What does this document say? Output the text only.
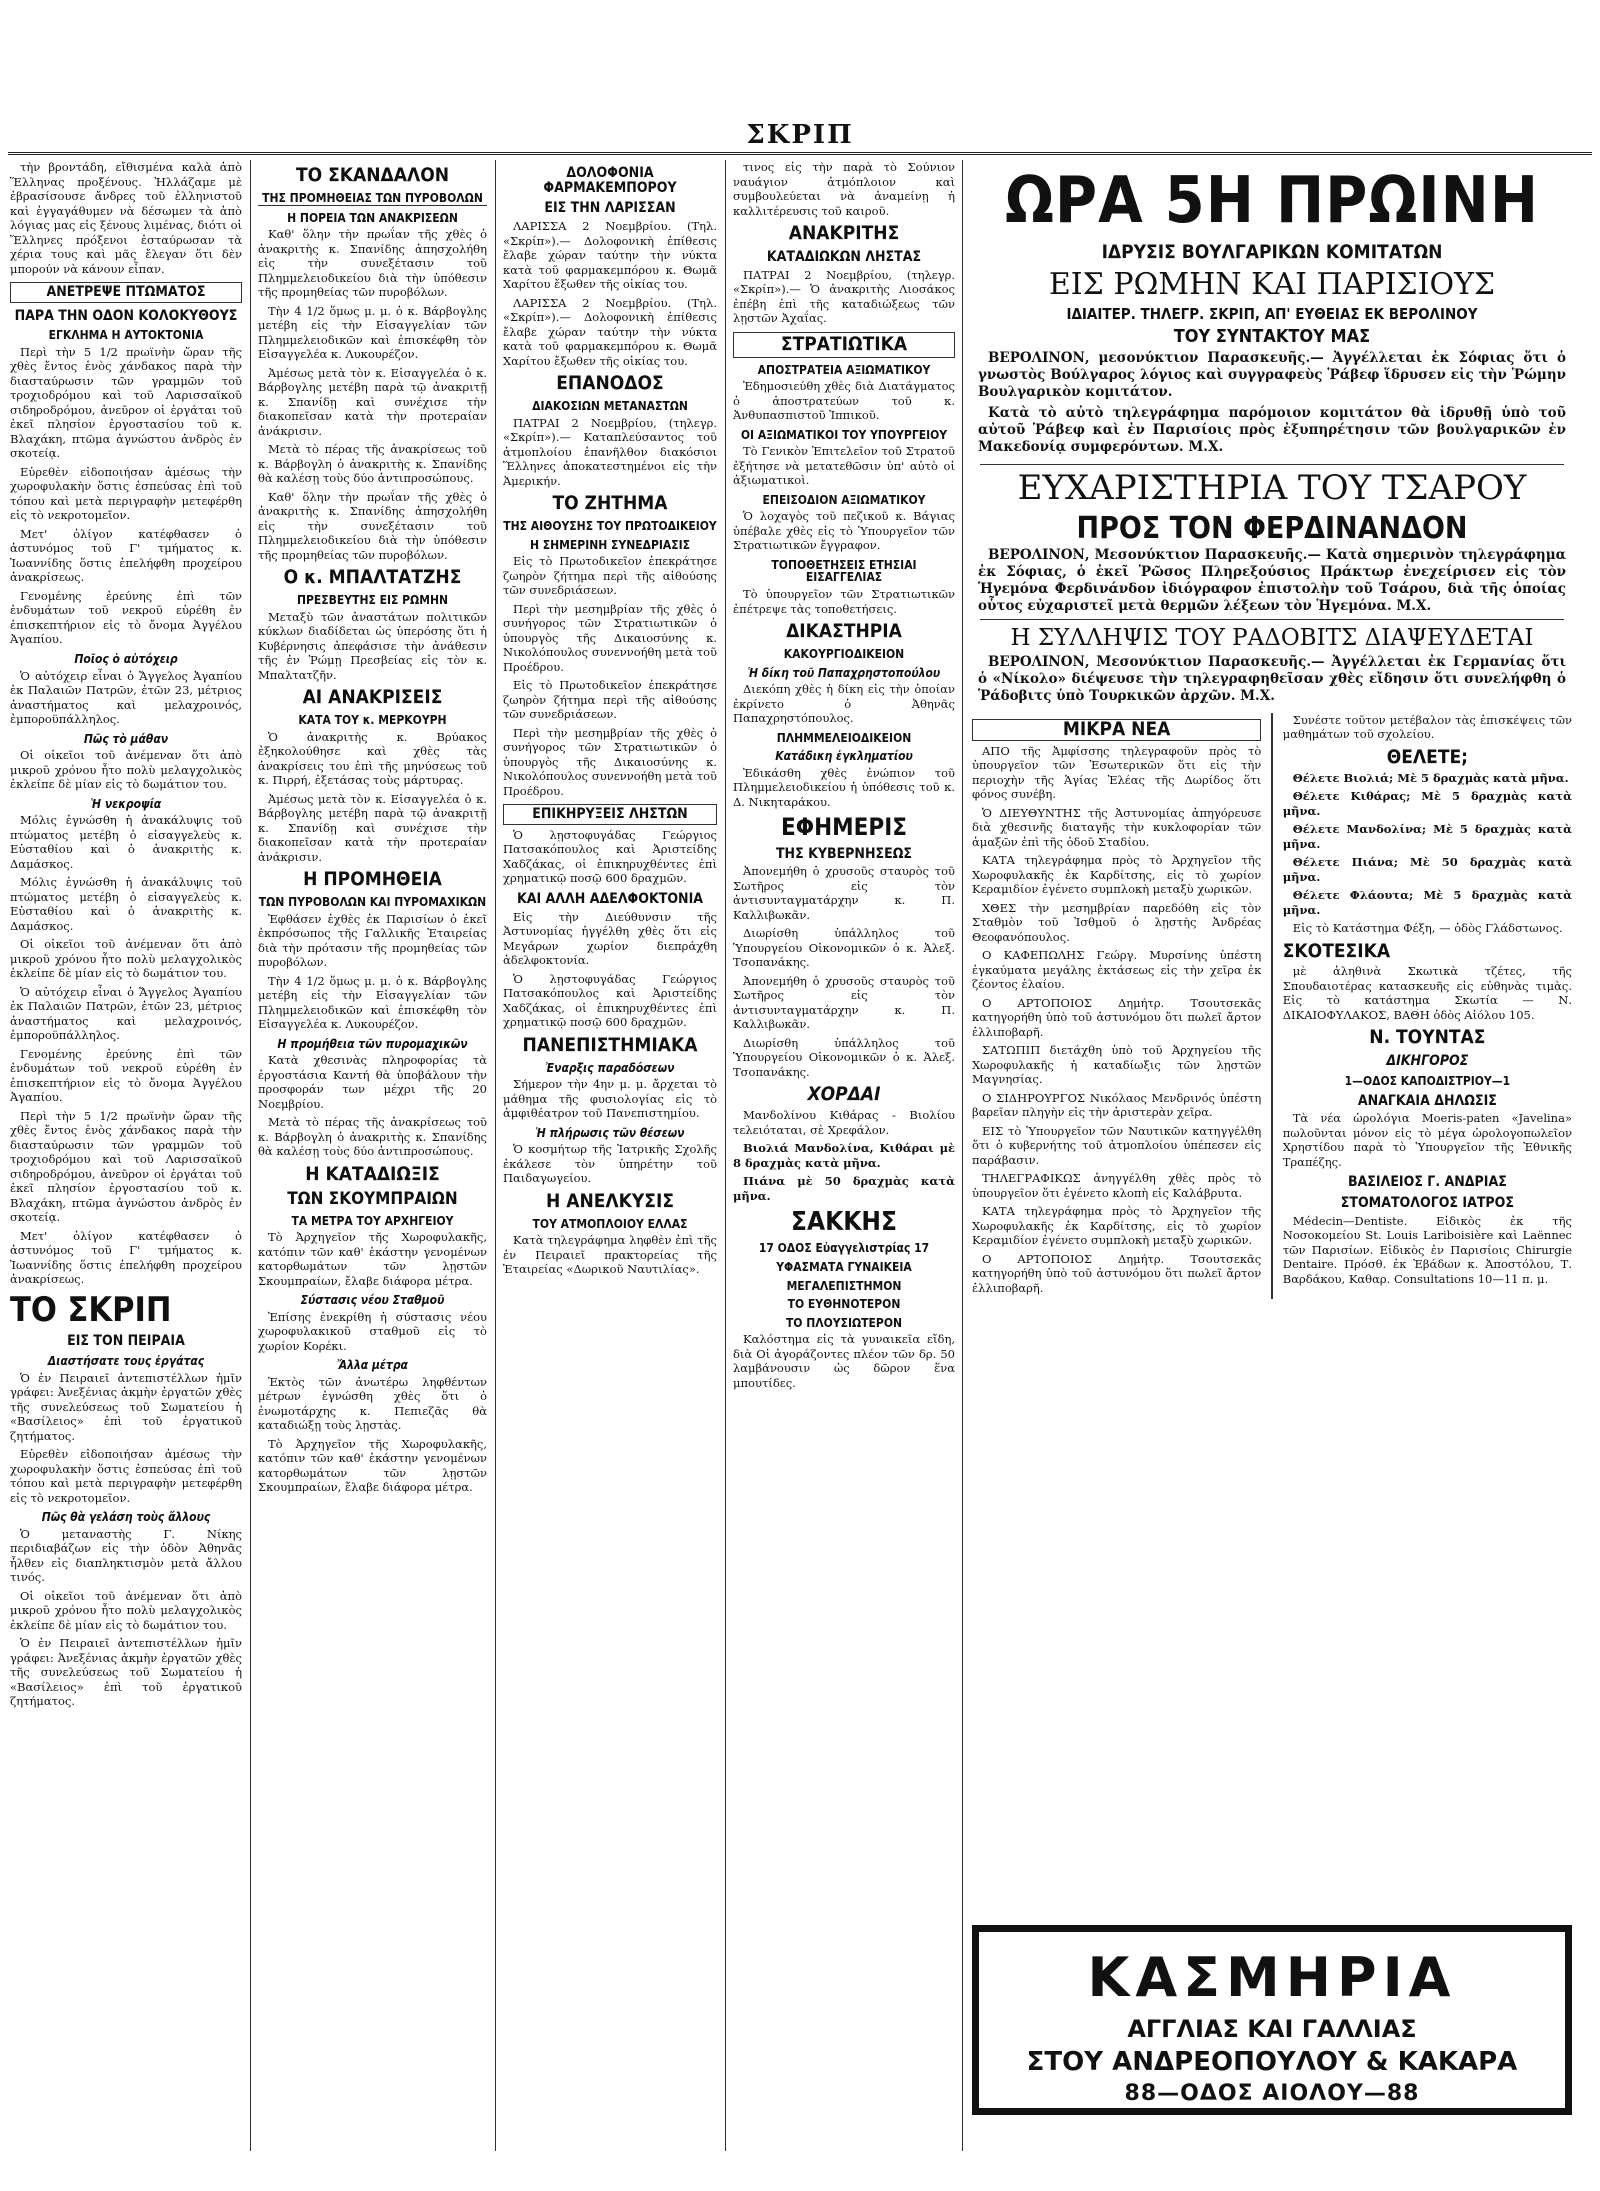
ΣΚΡΙΠ

τὴν βροντάδη, εἴθισμένα καλὰ ἀπὸ Ἕλληνας προξένους. Ἠλλάζαμε μὲ ἐβρασίσουσε ἄνδρες τοῦ ἐλληνιστοῦ καὶ ἐγγαγάθυμεν νὰ δέσωμεν τὰ ἀπὸ λόγιας μας εἰς ξένους λιμένας, διότι οἱ Ἕλληνες πρόξενοι ἐσταύρωσαν τὰ χέρια τους καὶ μᾶς ἔλεγαν ὅτι δὲν μπορούν νὰ κάνουν εἶπαν.

ΑΝΕΤΡΕΨΕ ΠΤΩΜΑΤΟΣ
ΠΑΡΑ ΤΗΝ ΟΔΟΝ ΚΟΛΟΚΥΘΟΥΣ
ΕΓΚΛΗΜΑ Η ΑΥΤΟΚΤΟΝΙΑ

Περὶ τὴν 5 1/2 πρωϊνὴν ὥραν τῆς χθὲς ἔντος ἑνὸς χάνδακος παρὰ τὴν διασταύρωσιν τῶν γραμμῶν τοῦ τροχιοδρόμου καὶ τοῦ Λαρισσαϊκοῦ σιδηροδρόμου, ἀνεῦρον οἱ ἐργάται τοῦ ἐκεῖ πλησίον ἐργοστασίου τοῦ κ. Βλαχάκη, πτῶμα ἀγνώστου ἀνδρὸς ἐν σκοτείᾳ.

Εὐρεθὲν εἰδοποιήσαν ἀμέσως τὴν χωροφυλακὴν ὅστις ἐσπεύσας ἐπὶ τοῦ τόπου καὶ μετὰ περιγραφὴν μετεφέρθη εἰς τὸ νεκροτομεῖον.

Μετ' ὀλίγον κατέφθασεν ὁ ἀστυνόμος τοῦ Γ' τμήματος κ. Ἰωαννίδης ὅστις ἐπελήφθη προχείρου ἀνακρίσεως.

Γενομένης ἐρεύνης ἐπὶ τῶν ἐνδυμάτων τοῦ νεκροῦ εὑρέθη ἐν ἐπισκεπτήριον εἰς τὸ ὄνομα Ἀγγέλου Ἀγαπίου.

Ποῖος ὁ αὐτόχειρ

Ὁ αὐτόχειρ εἶναι ὁ Ἄγγελος Ἀγαπίου ἐκ Παλαιῶν Πατρῶν, ἐτῶν 23, μέτριος ἀναστήματος καὶ μελαχροινός, ἐμποροϋπάλληλος.

Πῶς τὸ μάθαν

Οἱ οἰκεῖοι τοῦ ἀνέμεναν ὅτι ἀπὸ μικροῦ χρόνου ἦτο πολὺ μελαγχολικὸς ἐκλείπε δὲ μίαν εἰς τὸ δωμάτιον του.

Ἡ νεκροψία

Μόλις ἐγνώσθη ἡ ἀνακάλυψις τοῦ πτώματος μετέβη ὁ εἰσαγγελεὺς κ. Εὐσταθίου καὶ ὁ ἀνακριτὴς κ. Δαμάσκος.

Μόλις ἐγνώσθη ἡ ἀνακάλυψις τοῦ πτώματος μετέβη ὁ εἰσαγγελεὺς κ. Εὐσταθίου καὶ ὁ ἀνακριτὴς κ. Δαμάσκος.

Οἱ οἰκεῖοι τοῦ ἀνέμεναν ὅτι ἀπὸ μικροῦ χρόνου ἦτο πολὺ μελαγχολικὸς ἐκλείπε δὲ μίαν εἰς τὸ δωμάτιον του.

Ὁ αὐτόχειρ εἶναι ὁ Ἄγγελος Ἀγαπίου ἐκ Παλαιῶν Πατρῶν, ἐτῶν 23, μέτριος ἀναστήματος καὶ μελαχροινός, ἐμποροϋπάλληλος.

Γενομένης ἐρεύνης ἐπὶ τῶν ἐνδυμάτων τοῦ νεκροῦ εὑρέθη ἐν ἐπισκεπτήριον εἰς τὸ ὄνομα Ἀγγέλου Ἀγαπίου.

Περὶ τὴν 5 1/2 πρωϊνὴν ὥραν τῆς χθὲς ἔντος ἑνὸς χάνδακος παρὰ τὴν διασταύρωσιν τῶν γραμμῶν τοῦ τροχιοδρόμου καὶ τοῦ Λαρισσαϊκοῦ σιδηροδρόμου, ἀνεῦρον οἱ ἐργάται τοῦ ἐκεῖ πλησίον ἐργοστασίου τοῦ κ. Βλαχάκη, πτῶμα ἀγνώστου ἀνδρὸς ἐν σκοτείᾳ.

Μετ' ὀλίγον κατέφθασεν ὁ ἀστυνόμος τοῦ Γ' τμήματος κ. Ἰωαννίδης ὅστις ἐπελήφθη προχείρου ἀνακρίσεως.

ΤΟ ΣΚΡΙΠ
ΕΙΣ ΤΟΝ ΠΕΙΡΑΙΑ
Διαστήσατε τους ἐργάτας

Ὁ ἐν Πειραιεῖ ἀντεπιστέλλων ἡμῖν γράφει: Ἀνεξένιας ἀκμὴν ἐργατῶν χθὲς τῆς συνελεύσεως τοῦ Σωματείου ἡ «Βασίλειος» ἐπὶ τοῦ ἐργατικοῦ ζητήματος.

Εὐρεθὲν εἰδοποιήσαν ἀμέσως τὴν χωροφυλακὴν ὅστις ἐσπεύσας ἐπὶ τοῦ τόπου καὶ μετὰ περιγραφὴν μετεφέρθη εἰς τὸ νεκροτομεῖον.

Πῶς θὰ γελάση τοὺς ἄλλους

Ὁ μεταναστὴς Γ. Νίκης περιδιαβάζων εἰς τὴν ὁδὸν Ἀθηνᾶς ἦλθεν εἰς διαπληκτισμὸν μετὰ ἄλλου τινός.

Οἱ οἰκεῖοι τοῦ ἀνέμεναν ὅτι ἀπὸ μικροῦ χρόνου ἦτο πολὺ μελαγχολικὸς ἐκλείπε δὲ μίαν εἰς τὸ δωμάτιον του.

Ὁ ἐν Πειραιεῖ ἀντεπιστέλλων ἡμῖν γράφει: Ἀνεξένιας ἀκμὴν ἐργατῶν χθὲς τῆς συνελεύσεως τοῦ Σωματείου ἡ «Βασίλειος» ἐπὶ τοῦ ἐργατικοῦ ζητήματος.

ΤΟ ΣΚΑΝΔΑΛΟΝ
ΤΗΣ ΠΡΟΜΗΘΕΙΑΣ ΤΩΝ ΠΥΡΟΒΟΛΩΝ
Η ΠΟΡΕΙΑ ΤΩΝ ΑΝΑΚΡΙΣΕΩΝ

Καθ' ὅλην τὴν πρωΐαν τῆς χθὲς ὁ ἀνακριτὴς κ. Σπανίδης ἀπησχολήθη εἰς τὴν συνεξέτασιν τοῦ Πλημμελειοδικείου διὰ τὴν ὑπόθεσιν τῆς προμηθείας τῶν πυροβόλων.

Τὴν 4 1/2 ὅμως μ. μ. ὁ κ. Βάρβογλης μετέβη εἰς τὴν Εἰσαγγελίαν τῶν Πλημμελειοδικῶν καὶ ἐπισκέφθη τὸν Εἰσαγγελέα κ. Λυκουρέζον.

Ἀμέσως μετὰ τὸν κ. Εἰσαγγελέα ὁ κ. Βάρβογλης μετέβη παρὰ τῷ ἀνακριτῇ κ. Σπανίδῃ καὶ συνέχισε τὴν διακοπεῖσαν κατὰ τὴν προτεραίαν ἀνάκρισιν.

Μετὰ τὸ πέρας τῆς ἀνακρίσεως τοῦ κ. Βάρβογλη ὁ ἀνακριτὴς κ. Σπανίδης θὰ καλέσῃ τοὺς δύο ἀντιπροσώπους.

Καθ' ὅλην τὴν πρωΐαν τῆς χθὲς ὁ ἀνακριτὴς κ. Σπανίδης ἀπησχολήθη εἰς τὴν συνεξέτασιν τοῦ Πλημμελειοδικείου διὰ τὴν ὑπόθεσιν τῆς προμηθείας τῶν πυροβόλων.

Ο κ. ΜΠΑΛΤΑΤΖΗΣ
ΠΡΕΣΒΕΥΤΗΣ ΕΙΣ ΡΩΜΗΝ

Μεταξὺ τῶν ἀναστάτων πολιτικῶν κύκλων διαδίδεται ὡς ὑπερόσης ὅτι ἡ Κυβέρνησις ἀπεφάσισε τὴν ἀνάθεσιν τῆς ἐν Ῥώμῃ Πρεσβείας εἰς τὸν κ. Μπαλτατζῆν.

ΑΙ ΑΝΑΚΡΙΣΕΙΣ
ΚΑΤΑ ΤΟΥ κ. ΜΕΡΚΟΥΡΗ

Ὁ ἀνακριτὴς κ. Βρύακος ἐξηκολούθησε καὶ χθὲς τὰς ἀνακρίσεις του ἐπὶ τῆς μηνύσεως τοῦ κ. Πιρρή, ἐξετάσας τοὺς μάρτυρας.

Ἀμέσως μετὰ τὸν κ. Εἰσαγγελέα ὁ κ. Βάρβογλης μετέβη παρὰ τῷ ἀνακριτῇ κ. Σπανίδῃ καὶ συνέχισε τὴν διακοπεῖσαν κατὰ τὴν προτεραίαν ἀνάκρισιν.

Η ΠΡΟΜΗΘΕΙΑ
ΤΩΝ ΠΥΡΟΒΟΛΩΝ ΚΑΙ ΠΥΡΟΜΑΧΙΚΩΝ

Ἐφθάσεν ἐχθὲς ἐκ Παρισίων ὁ ἐκεῖ ἐκπρόσωπος τῆς Γαλλικῆς Ἑταιρείας διὰ τὴν πρότασιν τῆς προμηθείας τῶν πυροβόλων.

Τὴν 4 1/2 ὅμως μ. μ. ὁ κ. Βάρβογλης μετέβη εἰς τὴν Εἰσαγγελίαν τῶν Πλημμελειοδικῶν καὶ ἐπισκέφθη τὸν Εἰσαγγελέα κ. Λυκουρέζον.

Η προμήθεια τῶν πυρομαχικῶν

Κατὰ χθεσινὰς πληροφορίας τὰ ἐργοστάσια Καντή θὰ ὑποβάλουν τὴν προσφοράν των μέχρι τῆς 20 Νοεμβρίου.

Μετὰ τὸ πέρας τῆς ἀνακρίσεως τοῦ κ. Βάρβογλη ὁ ἀνακριτὴς κ. Σπανίδης θὰ καλέσῃ τοὺς δύο ἀντιπροσώπους.

Η ΚΑΤΑΔΙΩΞΙΣ
ΤΩΝ ΣΚΟΥΜΠΡΑΙΩΝ
ΤΑ ΜΕΤΡΑ ΤΟΥ ΑΡΧΗΓΕΙΟΥ

Τὸ Ἀρχηγεῖον τῆς Χωροφυλακῆς, κατόπιν τῶν καθ' ἑκάστην γενομένων κατορθωμάτων τῶν λῃστῶν Σκουμπραίων, ἔλαβε διάφορα μέτρα.

Σύστασις νέου Σταθμοῦ

Ἐπίσης ἐνεκρίθη ἡ σύστασις νέου χωροφυλακικοῦ σταθμοῦ εἰς τὸ χωρίον Κορέκι.

Ἄλλα μέτρα

Ἐκτὸς τῶν ἀνωτέρω ληφθέντων μέτρων ἐγνώσθη χθὲς ὅτι ὁ ἐνωμοτάρχης κ. Πεπιεζᾶς θὰ καταδιώξῃ τοὺς λῃστὰς.

Τὸ Ἀρχηγεῖον τῆς Χωροφυλακῆς, κατόπιν τῶν καθ' ἑκάστην γενομένων κατορθωμάτων τῶν λῃστῶν Σκουμπραίων, ἔλαβε διάφορα μέτρα.

ΔΟΛΟΦΟΝΙΑ ΦΑΡΜΑΚΕΜΠΟΡΟΥ
ΕΙΣ ΤΗΝ ΛΑΡΙΣΣΑΝ

ΛΑΡΙΣΣΑ 2 Νοεμβρίου. (Τηλ. «Σκρίπ»).— Δολοφονικὴ ἐπίθεσις ἔλαβε χώραν ταύτην τὴν νύκτα κατὰ τοῦ φαρμακεμπόρου κ. Θωμᾶ Χαρίτου ἔξωθεν τῆς οἰκίας του.

ΛΑΡΙΣΣΑ 2 Νοεμβρίου. (Τηλ. «Σκρίπ»).— Δολοφονικὴ ἐπίθεσις ἔλαβε χώραν ταύτην τὴν νύκτα κατὰ τοῦ φαρμακεμπόρου κ. Θωμᾶ Χαρίτου ἔξωθεν τῆς οἰκίας του.

ΕΠΑΝΟΔΟΣ
ΔΙΑΚΟΣΙΩΝ ΜΕΤΑΝΑΣΤΩΝ

ΠΑΤΡΑΙ 2 Νοεμβρίου, (τηλεγρ. «Σκρίπ»).— Καταπλεύσαντος τοῦ ἀτμοπλοίου ἐπανῆλθον διακόσιοι Ἕλληνες ἀποκατεστημένοι εἰς τὴν Ἀμερικήν.

ΤΟ ΖΗΤΗΜΑ
ΤΗΣ ΑΙΘΟΥΣΗΣ ΤΟΥ ΠΡΩΤΟΔΙΚΕΙΟΥ
Η ΣΗΜΕΡΙΝΗ ΣΥΝΕΔΡΙΑΣΙΣ

Εἰς τὸ Πρωτοδικεῖον ἐπεκράτησε ζωηρὸν ζήτημα περὶ τῆς αἰθούσης τῶν συνεδριάσεων.

Περὶ τὴν μεσημβρίαν τῆς χθὲς ὁ συνήγορος τῶν Στρατιωτικῶν ὁ ὑπουργὸς τῆς Δικαιοσύνης κ. Νικολόπουλος συνεννοήθη μετὰ τοῦ Προέδρου.

Εἰς τὸ Πρωτοδικεῖον ἐπεκράτησε ζωηρὸν ζήτημα περὶ τῆς αἰθούσης τῶν συνεδριάσεων.

Περὶ τὴν μεσημβρίαν τῆς χθὲς ὁ συνήγορος τῶν Στρατιωτικῶν ὁ ὑπουργὸς τῆς Δικαιοσύνης κ. Νικολόπουλος συνεννοήθη μετὰ τοῦ Προέδρου.

ΕΠΙΚΗΡΥΞΕΙΣ ΛΗΣΤΩΝ

Ὁ λῃστοφυγάδας Γεώργιος Πατσακόπουλος καὶ Ἀριστείδης Χαδζάκας, οἱ ἐπικηρυχθέντες ἐπὶ χρηματικῷ ποσῷ 600 δραχμῶν.

ΚΑΙ ΑΛΛΗ ΑΔΕΛΦΟΚΤΟΝΙΑ

Εἰς τὴν Διεύθυνσιν τῆς Ἀστυνομίας ἠγγέλθη χθὲς ὅτι εἰς Μεγάρων χωρίον διεπράχθη ἀδελφοκτονία.

Ὁ λῃστοφυγάδας Γεώργιος Πατσακόπουλος καὶ Ἀριστείδης Χαδζάκας, οἱ ἐπικηρυχθέντες ἐπὶ χρηματικῷ ποσῷ 600 δραχμῶν.

ΠΑΝΕΠΙΣΤΗΜΙΑΚΑ
Ἐναρξις παραδόσεων

Σήμερον τὴν 4ην μ. μ. ἄρχεται τὸ μάθημα τῆς φυσιολογίας εἰς τὸ ἀμφιθέατρον τοῦ Πανεπιστημίου.

Ἡ πλήρωσις τῶν θέσεων

Ὁ κοσμήτωρ τῆς Ἰατρικῆς Σχολῆς ἐκάλεσε τὸν ὑπηρέτην τοῦ Παιδαγωγείου.

Η ΑΝΕΛΚΥΣΙΣ
ΤΟΥ ΑΤΜΟΠΛΟΙΟΥ ΕΛΛΑΣ

Κατὰ τηλεγράφημα ληφθὲν ἐπὶ τῆς ἐν Πειραιεῖ πρακτορείας τῆς Ἑταιρείας «Δωρικοῦ Ναυτιλίας».

τινος εἰς τὴν παρὰ τὸ Σούνιον ναυάγιον ἀτμόπλοιον καὶ συμβουλεύεται νὰ ἀναμείνῃ ἡ καλλιτέρευσις τοῦ καιροῦ.

ΑΝΑΚΡΙΤΗΣ
ΚΑΤΑΔΙΩΚΩΝ ΛΗΣΤΑΣ

ΠΑΤΡΑΙ 2 Νοεμβρίου, (τηλεγρ. «Σκρίπ»).— Ὁ ἀνακριτὴς Λιοσάκος ἐπέβη ἐπὶ τῆς καταδιώξεως τῶν λῃστῶν Ἀχαΐας.

ΣΤΡΑΤΙΩΤΙΚΑ
ΑΠΟΣΤΡΑΤΕΙΑ ΑΞΙΩΜΑΤΙΚΟΥ

Ἐδημοσιεύθη χθὲς διὰ Διατάγματος ὁ ἀποστρατεύων τοῦ κ. Ἀνθυπασπιστοῦ Ἱππικοῦ.

ΟΙ ΑΞΙΩΜΑΤΙΚΟΙ ΤΟΥ ΥΠΟΥΡΓΕΙΟΥ

Τὸ Γενικὸν Ἐπιτελεῖον τοῦ Στρατοῦ ἐξήτησε νὰ μετατεθῶσιν ὑπ' αὐτὸ οἱ ἀξιωματικοὶ.

ΕΠΕΙΣΟΔΙΟΝ ΑΞΙΩΜΑΤΙΚΟΥ

Ὁ λοχαγὸς τοῦ πεζικοῦ κ. Βάγιας ὑπέβαλε χθὲς εἰς τὸ Ὑπουργεῖον τῶν Στρατιωτικῶν ἔγγραφον.

ΤΟΠΟΘΕΤΗΣΕΙΣ ΕΤΗΣΙΑΙ ΕΙΣΑΓΓΕΛΙΑΣ

Τὸ ὑπουργεῖον τῶν Στρατιωτικῶν ἐπέτρεψε τὰς τοποθετήσεις.

ΔΙΚΑΣΤΗΡΙΑ
ΚΑΚΟΥΡΓΙΟΔΙΚΕΙΟΝ
Ἡ δίκη τοῦ Παπαχρηστοπούλου

Διεκόπη χθὲς ἡ δίκη εἰς τὴν ὁποίαν ἐκρίνετο ὁ Ἀθηνᾶς Παπαχρηστόπουλος.

ΠΛΗΜΜΕΛΕΙΟΔΙΚΕΙΟΝ
Κατάδικη ἐγκληματίου

Ἐδικάσθη χθὲς ἐνώπιον τοῦ Πλημμελειοδικείου ἡ ὑπόθεσις τοῦ κ. Δ. Νικηταράκου.

ΕΦΗΜΕΡΙΣ
ΤΗΣ ΚΥΒΕΡΝΗΣΕΩΣ

Ἀπονεμήθη ὁ χρυσοῦς σταυρὸς τοῦ Σωτῆρος εἰς τὸν ἀντισυνταγματάρχην κ. Π. Καλλιβωκᾶν.

Διωρίσθη ὑπάλληλος τοῦ Ὑπουργείου Οἰκονομικῶν ὁ κ. Ἀλεξ. Τσοπανάκης.

Ἀπονεμήθη ὁ χρυσοῦς σταυρὸς τοῦ Σωτῆρος εἰς τὸν ἀντισυνταγματάρχην κ. Π. Καλλιβωκᾶν.

Διωρίσθη ὑπάλληλος τοῦ Ὑπουργείου Οἰκονομικῶν ὁ κ. Ἀλεξ. Τσοπανάκης.

ΧΟΡΔΑΙ

Μανδολίνου Κιθάρας - Βιολίου τελειόταται, σὲ Χρεφάλον.

Βιολιά Μανδολίνα, Κιθάραι μὲ 8 δραχμὰς κατὰ μῆνα.

Πιάνα μὲ 50 δραχμὰς κατὰ μῆνα.

ΣΑΚΚΗΣ
17 ΟΔΟΣ Εὐαγγελιστρίας 17
ΥΦΑΣΜΑΤΑ ΓΥΝΑΙΚΕΙΑ
ΜΕΓΑΛΕΠΙΣΤΗΜΟΝ
ΤΟ ΕΥΘΗΝΟΤΕΡΟΝ
ΤΟ ΠΛΟΥΣΙΩΤΕΡΟΝ

Καλόστημα εἰς τὰ γυναικεῖα εἴδη, διὰ Οἱ ἀγοράζοντες πλέον τῶν δρ. 50 λαμβάνουσιν ὡς δῶρον ἕνα μπουτίδες.

ΩΡΑ 5Η ΠΡΩΙΝΗ
ΙΔΡΥΣΙΣ ΒΟΥΛΓΑΡΙΚΩΝ ΚΟΜΙΤΑΤΩΝ
ΕΙΣ ΡΩΜΗΝ ΚΑΙ ΠΑΡΙΣΙΟΥΣ
ΙΔΙΑΙΤΕΡ. ΤΗΛΕΓΡ. ΣΚΡΙΠ, ΑΠ' ΕΥΘΕΙΑΣ ΕΚ ΒΕΡΟΛΙΝΟΥ
ΤΟΥ ΣΥΝΤΑΚΤΟΥ ΜΑΣ

ΒΕΡΟΛΙΝΟΝ, μεσονύκτιον Παρασκευῆς.— Ἀγγέλλεται ἐκ Σόφιας ὅτι ὁ γνωστὸς Βούλγαρος λόγιος καὶ συγγραφεὺς Ῥάβεφ ἵδρυσεν εἰς τὴν Ῥώμην Βουλγαρικὸν κομιτάτον.

Κατὰ τὸ αὐτὸ τηλεγράφημα παρόμοιον κομιτάτον θὰ ἱδρυθῇ ὑπὸ τοῦ αὐτοῦ Ῥάβεφ καὶ ἐν Παρισίοις πρὸς ἐξυπηρέτησιν τῶν βουλγαρικῶν ἐν Μακεδονίᾳ συμφερόντων. Μ.Χ.

ΕΥΧΑΡΙΣΤΗΡΙΑ ΤΟΥ ΤΣΑΡΟΥ
ΠΡΟΣ ΤΟΝ ΦΕΡΔΙΝΑΝΔΟΝ

ΒΕΡΟΛΙΝΟΝ, Μεσονύκτιον Παρασκευῆς.— Κατὰ σημερινὸν τηλεγράφημα ἐκ Σόφιας, ὁ ἐκεῖ Ῥῶσος Πληρεξούσιος Πράκτωρ ἐνεχείρισεν εἰς τὸν Ἡγεμόνα Φερδινάνδον ἰδιόγραφον ἐπιστολὴν τοῦ Τσάρου, διὰ τῆς ὁποίας οὗτος εὐχαριστεῖ μετὰ θερμῶν λέξεων τὸν Ἡγεμόνα. Μ.Χ.

Η ΣΥΛΛΗΨΙΣ ΤΟΥ ΡΑΔΟΒΙΤΣ ΔΙΑΨΕΥΔΕΤΑΙ

ΒΕΡΟΛΙΝΟΝ, Μεσονύκτιον Παρασκευῆς.— Ἀγγέλλεται ἐκ Γερμανίας ὅτι ὁ «Νίκολο» διέψευσε τὴν τηλεγραφηθεῖσαν χθὲς εἴδησιν ὅτι συνελήφθη ὁ Ῥάδοβιτς ὑπὸ Τουρκικῶν ἀρχῶν. Μ.Χ.

ΜΙΚΡΑ ΝΕΑ

ΑΠΟ τῆς Ἀμφίσσης τηλεγραφοῦν πρὸς τὸ ὑπουργεῖον τῶν Ἐσωτερικῶν ὅτι εἰς τὴν περιοχὴν τῆς Ἁγίας Ἐλέας τῆς Δωρίδος ὅτι φόνος συνέβη.

Ὁ ΔΙΕΥΘΥΝΤΗΣ τῆς Ἀστυνομίας ἀπηγόρευσε διὰ χθεσινῆς διαταγῆς τὴν κυκλοφορίαν τῶν ἁμαξῶν ἐπὶ τῆς ὁδοῦ Σταδίου.

ΚΑΤΑ τηλεγράφημα πρὸς τὸ Ἀρχηγεῖον τῆς Χωροφυλακῆς ἐκ Καρδίτσης, εἰς τὸ χωρίον Κεραμιδίον ἐγένετο συμπλοκὴ μεταξὺ χωρικῶν.

ΧΘΕΣ τὴν μεσημβρίαν παρεδόθη εἰς τὸν Σταθμὸν τοῦ Ἰσθμοῦ ὁ λῃστὴς Ἀνδρέας Θεοφανόπουλος.

Ο ΚΑΦΕΠΩΛΗΣ Γεώργ. Μυρσίνης ὑπέστη ἐγκαύματα μεγάλης ἐκτάσεως εἰς τὴν χεῖρα ἐκ ζέοντος ἐλαίου.

Ο ΑΡΤΟΠΟΙΟΣ Δημήτρ. Τσουτσεκᾶς κατηγορήθη ὑπὸ τοῦ ἀστυνόμου ὅτι πωλεῖ ἄρτον ἐλλιποβαρῆ.

ΣΑΤΩΠΙΠ διετάχθη ὑπὸ τοῦ Ἀρχηγείου τῆς Χωροφυλακῆς ἡ καταδίωξις τῶν λῃστῶν Μαγνησίας.

Ο ΣΙΔΗΡΟΥΡΓΟΣ Νικόλαος Μενδρινός ὑπέστη βαρεῖαν πληγὴν εἰς τὴν ἀριστερὰν χεῖρα.

ΕΙΣ τὸ Ὑπουργεῖον τῶν Ναυτικῶν κατηγγέλθη ὅτι ὁ κυβερνήτης τοῦ ἀτμοπλοίου ὑπέπεσεν εἰς παράβασιν.

ΤΗΛΕΓΡΑΦΙΚΩΣ ἀνηγγέλθη χθὲς πρὸς τὸ ὑπουργεῖον ὅτι ἐγένετο κλοπὴ εἰς Καλάβρυτα.

ΚΑΤΑ τηλεγράφημα πρὸς τὸ Ἀρχηγεῖον τῆς Χωροφυλακῆς ἐκ Καρδίτσης, εἰς τὸ χωρίον Κεραμιδίον ἐγένετο συμπλοκὴ μεταξὺ χωρικῶν.

Ο ΑΡΤΟΠΟΙΟΣ Δημήτρ. Τσουτσεκᾶς κατηγορήθη ὑπὸ τοῦ ἀστυνόμου ὅτι πωλεῖ ἄρτον ἐλλιποβαρῆ.

Συνέστε τοῦτον μετέβαλον τὰς ἐπισκέψεις τῶν μαθημάτων τοῦ σχολείου.

ΘΕΛΕΤΕ;

Θέλετε Βιολιά; Μὲ 5 δραχμὰς κατὰ μῆνα.

Θέλετε Κιθάρας; Μὲ 5 δραχμὰς κατὰ μῆνα.

Θέλετε Μανδολίνα; Μὲ 5 δραχμὰς κατὰ μῆνα.

Θέλετε Πιάνα; Μὲ 50 δραχμὰς κατὰ μῆνα.

Θέλετε Φλάουτα; Μὲ 5 δραχμὰς κατὰ μῆνα.

Εἰς τὸ Κατάστημα Φέξη, — ὁδὸς Γλάδστωνος.

ΣΚΟΤΕΣΙΚΑ

μὲ ἀληθινὰ Σκωτικὰ τζέτες, τῆς Σπουδαιοτέρας κατασκευῆς εἰς εὐθηνὰς τιμὰς. Εἰς τὸ κατάστημα Σκωτία — Ν. ΔΙΚΑΙΟΦΥΛΑΚΟΣ, ΒΑΘΗ ὁδὸς Αἰόλου 105.

Ν. ΤΟΥΝΤΑΣ
ΔΙΚΗΓΟΡΟΣ
1—ΟΔΟΣ ΚΑΠΟΔΙΣΤΡΙΟΥ—1
ΑΝΑΓΚΑΙΑ ΔΗΛΩΣΙΣ

Τὰ νέα ὡρολόγια Moeris-paten «Javelina» πωλοῦνται μόνον εἰς τὸ μέγα ὡρολογοπωλεῖον Χρηστίδου παρὰ τὸ Ὑπουργεῖον τῆς Ἐθνικῆς Τραπέζης.

ΒΑΣΙΛΕΙΟΣ Γ. ΑΝΔΡΙΑΣ
ΣΤΟΜΑΤΟΛΟΓΟΣ ΙΑΤΡΟΣ

Médecin—Dentiste. Εἰδικὸς ἐκ τῆς Νοσοκομείου St. Louis Lariboisière καὶ Laënnec τῶν Παρισίων. Εἰδικὸς ἐν Παρισίοις Chirurgie Dentaire. Πρόσθ. ἐκ Ἑβάδων κ. Ἀποστόλου, Τ. Βαρδάκου, Καθαρ. Consultations 10—11 π. μ.

ΚΑΣΜΗΡΙΑ
ΑΓΓΛΙΑΣ ΚΑΙ ΓΑΛΛΙΑΣ
ΣΤΟΥ ΑΝΔΡΕΟΠΟΥΛΟΥ & ΚΑΚΑΡΑ
88—ΟΔΟΣ ΑΙΟΛΟΥ—88
